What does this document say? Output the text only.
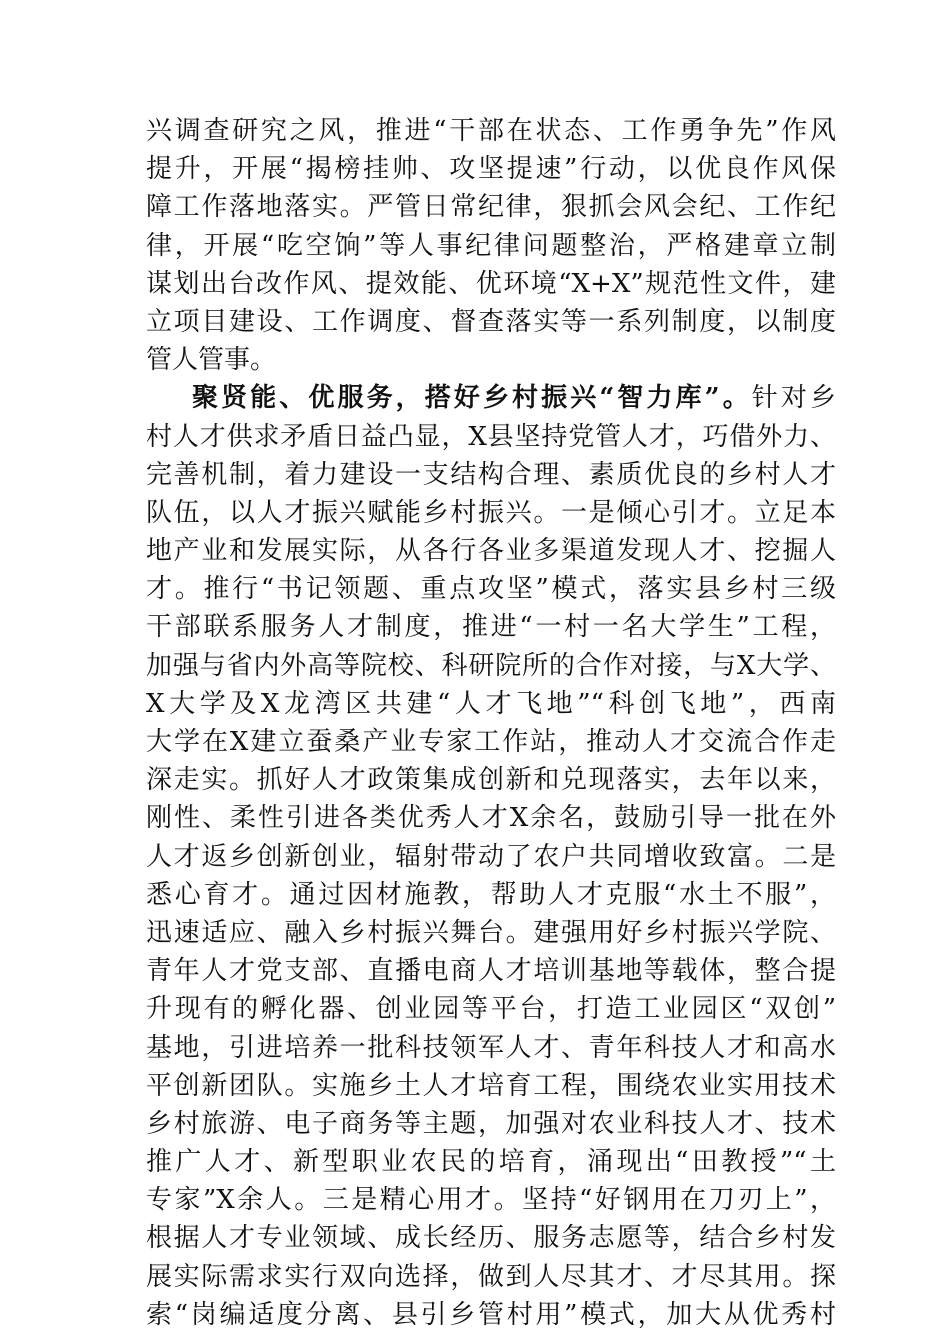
兴调查研究之风，推进“干部在状态、工作勇争先”作风
提升，开展“揭榜挂帅、攻坚提速”行动，以优良作风保
障工作落地落实。严管日常纪律，狠抓会风会纪、工作纪
律，开展“吃空饷”等人事纪律问题整治，严格建章立制
谋划出台改作风、提效能、优环境“X+X”规范性文件，建
立项目建设、工作调度、督查落实等一系列制度，以制度
管人管事。
聚贤能、优服务，搭好乡村振兴“智力库”。针对乡
村人才供求矛盾日益凸显，X县坚持党管人才，巧借外力、
完善机制，着力建设一支结构合理、素质优良的乡村人才
队伍，以人才振兴赋能乡村振兴。一是倾心引才。立足本
地产业和发展实际，从各行各业多渠道发现人才、挖掘人
才。推行“书记领题、重点攻坚”模式，落实县乡村三级
干部联系服务人才制度，推进“一村一名大学生”工程，
加强与省内外高等院校、科研院所的合作对接，与X大学、
X大学及X龙湾区共建“人才飞地”“科创飞地”，西南
大学在X建立蚕桑产业专家工作站，推动人才交流合作走
深走实。抓好人才政策集成创新和兑现落实，去年以来，
刚性、柔性引进各类优秀人才X余名，鼓励引导一批在外
人才返乡创新创业，辐射带动了农户共同增收致富。二是
悉心育才。通过因材施教，帮助人才克服“水土不服”，
迅速适应、融入乡村振兴舞台。建强用好乡村振兴学院、
青年人才党支部、直播电商人才培训基地等载体，整合提
升现有的孵化器、创业园等平台，打造工业园区“双创”
基地，引进培养一批科技领军人才、青年科技人才和高水
平创新团队。实施乡土人才培育工程，围绕农业实用技术
乡村旅游、电子商务等主题，加强对农业科技人才、技术
推广人才、新型职业农民的培育，涌现出“田教授”“土
专家”X余人。三是精心用才。坚持“好钢用在刀刃上”，
根据人才专业领域、成长经历、服务志愿等，结合乡村发
展实际需求实行双向选择，做到人尽其才、才尽其用。探
索“岗编适度分离、县引乡管村用”模式，加大从优秀村
